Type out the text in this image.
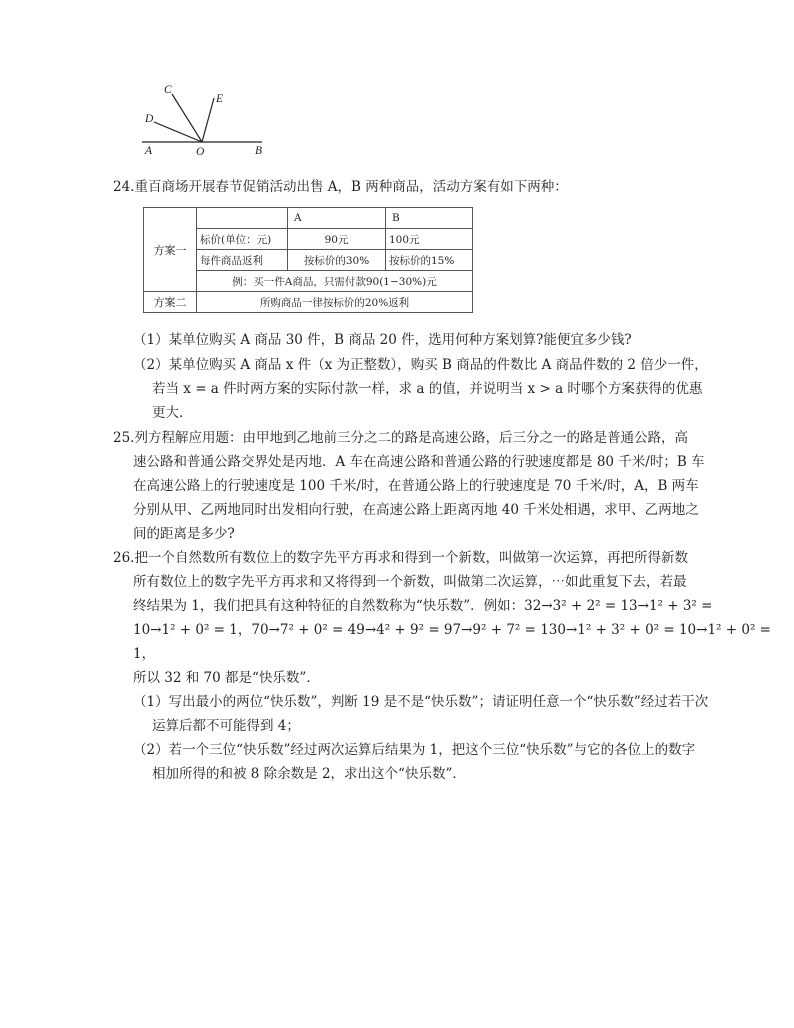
C
D
E
A	O	B
24.重百商场开展春节促销活动出售 A，B 两种商品，活动方案有如下两种：
方案一		A	B
	标价(单位：元)	90元	100元
	每件商品返利	按标价的30%	按标价的15%
	例：买一件A商品，只需付款90(1−30%)元		
方案二	所购商品一律按标价的20%返利		
（1）某单位购买 A 商品 30 件，B 商品 20 件，选用何种方案划算?能便宜多少钱?
（2）某单位购买 A 商品 x 件（x 为正整数），购买 B 商品的件数比 A 商品件数的 2 倍少一件，
若当 x = a 件时两方案的实际付款一样，求 a 的值，并说明当 x > a 时哪个方案获得的优惠
更大．
25.列方程解应用题：由甲地到乙地前三分之二的路是高速公路，后三分之一的路是普通公路，高
速公路和普通公路交界处是丙地．A 车在高速公路和普通公路的行驶速度都是 80 千米/时；B 车
在高速公路上的行驶速度是 100 千米/时，在普通公路上的行驶速度是 70 千米/时，A，B 两车
分别从甲、乙两地同时出发相向行驶，在高速公路上距离丙地 40 千米处相遇，求甲、乙两地之
间的距离是多少?
26.把一个自然数所有数位上的数字先平方再求和得到一个新数，叫做第一次运算，再把所得新数
所有数位上的数字先平方再求和又将得到一个新数，叫做第二次运算，⋯如此重复下去，若最
终结果为 1，我们把具有这种特征的自然数称为“快乐数”．例如：32→3² + 2² = 13→1² + 3² =
10→1² + 0² = 1，70→7² + 0² = 49→4² + 9² = 97→9² + 7² = 130→1² + 3² + 0² = 10→1² + 0² =
1，
所以 32 和 70 都是“快乐数”．
（1）写出最小的两位“快乐数”，判断 19 是不是“快乐数”；请证明任意一个“快乐数”经过若干次
运算后都不可能得到 4；
（2）若一个三位“快乐数”经过两次运算后结果为 1，把这个三位“快乐数”与它的各位上的数字
相加所得的和被 8 除余数是 2，求出这个“快乐数”．
